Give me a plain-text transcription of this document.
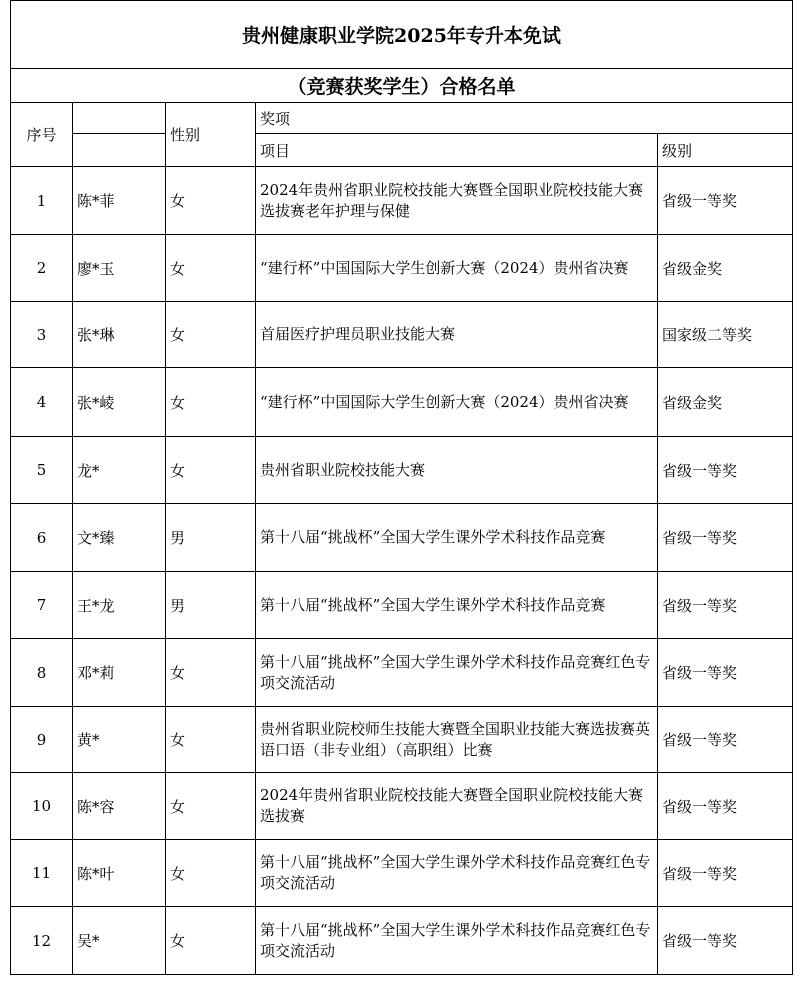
贵州健康职业学院2025年专升本免试				
（竞赛获奖学生）合格名单				
序号		性别	奖项	
			项目	级别
1	陈*菲	女	2024年贵州省职业院校技能大赛暨全国职业院校技能大赛选拔赛老年护理与保健	省级一等奖
2	廖*玉	女	“建行杯”中国国际大学生创新大赛（2024）贵州省决赛	省级金奖
3	张*琳	女	首届医疗护理员职业技能大赛	国家级二等奖
4	张*崚	女	“建行杯”中国国际大学生创新大赛（2024）贵州省决赛	省级金奖
5	龙*	女	贵州省职业院校技能大赛	省级一等奖
6	文*臻	男	第十八届“挑战杯”全国大学生课外学术科技作品竞赛	省级一等奖
7	王*龙	男	第十八届“挑战杯”全国大学生课外学术科技作品竞赛	省级一等奖
8	邓*莉	女	第十八届“挑战杯”全国大学生课外学术科技作品竞赛红色专项交流活动	省级一等奖
9	黄*	女	贵州省职业院校师生技能大赛暨全国职业技能大赛选拔赛英语口语（非专业组）（高职组）比赛	省级一等奖
10	陈*容	女	2024年贵州省职业院校技能大赛暨全国职业院校技能大赛选拔赛	省级一等奖
11	陈*叶	女	第十八届“挑战杯”全国大学生课外学术科技作品竞赛红色专项交流活动	省级一等奖
12	吴*	女	第十八届“挑战杯”全国大学生课外学术科技作品竞赛红色专项交流活动	省级一等奖
